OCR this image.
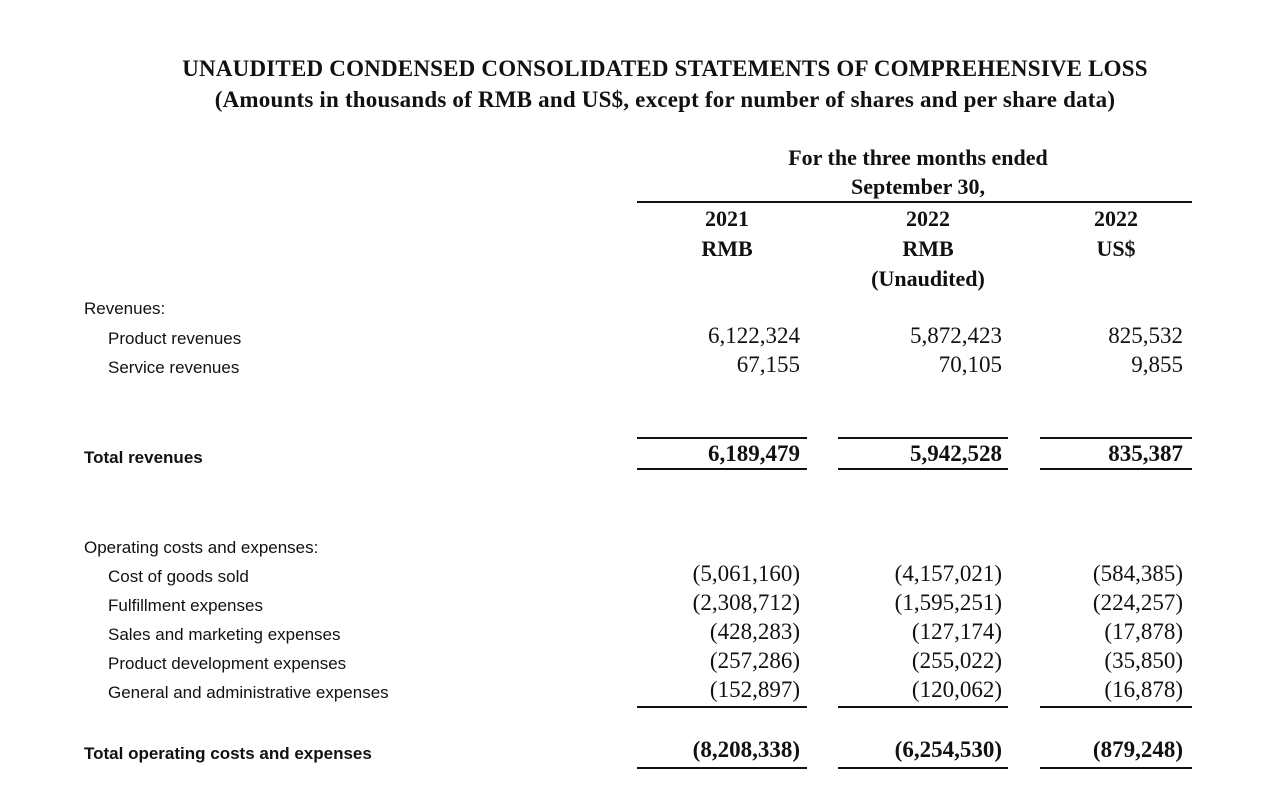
UNAUDITED CONDENSED CONSOLIDATED STATEMENTS OF COMPREHENSIVE LOSS
(Amounts in thousands of RMB and US$, except for number of shares and per share data)
For the three months ended
September 30,
2021
RMB
2022
RMB
(Unaudited)
2022
US$
Revenues:
Product revenues	6,122,324	5,872,423	825,532
Service revenues	67,155	70,105	9,855
Total revenues	6,189,479	5,942,528	835,387
Operating costs and expenses:
Cost of goods sold	(5,061,160)	(4,157,021)	(584,385)
Fulfillment expenses	(2,308,712)	(1,595,251)	(224,257)
Sales and marketing expenses	(428,283)	(127,174)	(17,878)
Product development expenses	(257,286)	(255,022)	(35,850)
General and administrative expenses	(152,897)	(120,062)	(16,878)
Total operating costs and expenses	(8,208,338)	(6,254,530)	(879,248)
